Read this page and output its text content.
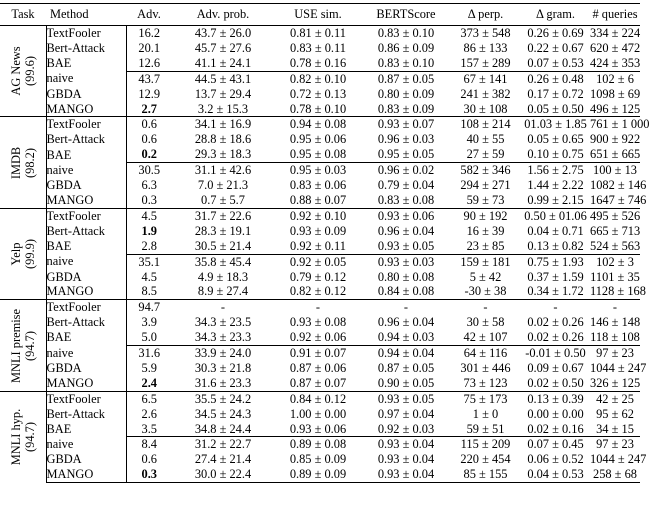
Task	Method	Adv.	Adv. prob.	USE sim.	BERTScore	Δ perp.	Δ gram.	# queries

AG News (99.6)	TextFooler	16.2	43.7 ± 26.0	0.81 ± 0.11	0.83 ± 0.10	373 ± 548	0.26 ± 0.69	334 ± 224
	Bert-Attack	20.1	45.7 ± 27.6	0.83 ± 0.11	0.86 ± 0.09	86 ± 133	0.22 ± 0.67	620 ± 472
	BAE	12.6	41.1 ± 24.1	0.78 ± 0.16	0.83 ± 0.10	157 ± 289	0.07 ± 0.53	424 ± 353
	naive	43.7	44.5 ± 43.1	0.82 ± 0.10	0.87 ± 0.05	67 ± 141	0.26 ± 0.48	102 ± 6
	GBDA	12.9	13.7 ± 29.4	0.72 ± 0.13	0.80 ± 0.09	241 ± 382	0.17 ± 0.72	1098 ± 69
	MANGO	2.7	3.2 ± 15.3	0.78 ± 0.10	0.83 ± 0.09	30 ± 108	0.05 ± 0.50	496 ± 125

IMDB (98.2)	TextFooler	0.6	34.1 ± 16.9	0.94 ± 0.08	0.93 ± 0.07	108 ± 214	01.03 ± 1.85	761 ± 1 000
	Bert-Attack	0.6	28.8 ± 18.6	0.95 ± 0.06	0.96 ± 0.03	40 ± 55	0.05 ± 0.65	900 ± 922
	BAE	0.2	29.3 ± 18.3	0.95 ± 0.08	0.95 ± 0.05	27 ± 59	0.10 ± 0.75	651 ± 665
	naive	30.5	31.1 ± 42.6	0.95 ± 0.03	0.96 ± 0.02	582 ± 346	1.56 ± 2.75	100 ± 13
	GBDA	6.3	7.0 ± 21.3	0.83 ± 0.06	0.79 ± 0.04	294 ± 271	1.44 ± 2.22	1082 ± 146
	MANGO	0.3	0.7 ± 5.7	0.88 ± 0.07	0.83 ± 0.08	59 ± 73	0.99 ± 2.15	1647 ± 746

Yelp (99.9)	TextFooler	4.5	31.7 ± 22.6	0.92 ± 0.10	0.93 ± 0.06	90 ± 192	0.50 ± 01.06	495 ± 526
	Bert-Attack	1.9	28.3 ± 19.1	0.93 ± 0.09	0.96 ± 0.04	16 ± 39	0.04 ± 0.71	665 ± 713
	BAE	2.8	30.5 ± 21.4	0.92 ± 0.11	0.93 ± 0.05	23 ± 85	0.13 ± 0.82	524 ± 563
	naive	35.1	35.8 ± 45.4	0.92 ± 0.05	0.93 ± 0.03	159 ± 181	0.75 ± 1.93	102 ± 3
	GBDA	4.5	4.9 ± 18.3	0.79 ± 0.12	0.80 ± 0.08	5 ± 42	0.37 ± 1.59	1101 ± 35
	MANGO	8.5	8.9 ± 27.4	0.82 ± 0.12	0.84 ± 0.08	-30 ± 38	0.34 ± 1.72	1128 ± 168

MNLI premise (94.7)	TextFooler	94.7	-	-	-	-	-	-
	Bert-Attack	3.9	34.3 ± 23.5	0.93 ± 0.08	0.96 ± 0.04	30 ± 58	0.02 ± 0.26	146 ± 148
	BAE	5.0	34.3 ± 23.3	0.92 ± 0.06	0.94 ± 0.03	42 ± 107	0.02 ± 0.26	118 ± 108
	naive	31.6	33.9 ± 24.0	0.91 ± 0.07	0.94 ± 0.04	64 ± 116	-0.01 ± 0.50	97 ± 23
	GBDA	5.9	30.3 ± 21.8	0.87 ± 0.06	0.87 ± 0.05	301 ± 446	0.09 ± 0.67	1044 ± 247
	MANGO	2.4	31.6 ± 23.3	0.87 ± 0.07	0.90 ± 0.05	73 ± 123	0.02 ± 0.50	326 ± 125

MNLI hyp. (94.7)	TextFooler	6.5	35.5 ± 24.2	0.84 ± 0.12	0.93 ± 0.05	75 ± 173	0.13 ± 0.39	42 ± 25
	Bert-Attack	2.6	34.5 ± 24.3	1.00 ± 0.00	0.97 ± 0.04	1 ± 0	0.00 ± 0.00	95 ± 62
	BAE	3.5	34.8 ± 24.4	0.93 ± 0.06	0.92 ± 0.03	59 ± 51	0.02 ± 0.16	34 ± 15
	naive	8.4	31.2 ± 22.7	0.89 ± 0.08	0.93 ± 0.04	115 ± 209	0.07 ± 0.45	97 ± 23
	GBDA	0.6	27.4 ± 21.4	0.85 ± 0.09	0.93 ± 0.04	220 ± 454	0.06 ± 0.52	1044 ± 247
	MANGO	0.3	30.0 ± 22.4	0.89 ± 0.09	0.93 ± 0.04	85 ± 155	0.04 ± 0.53	258 ± 68
